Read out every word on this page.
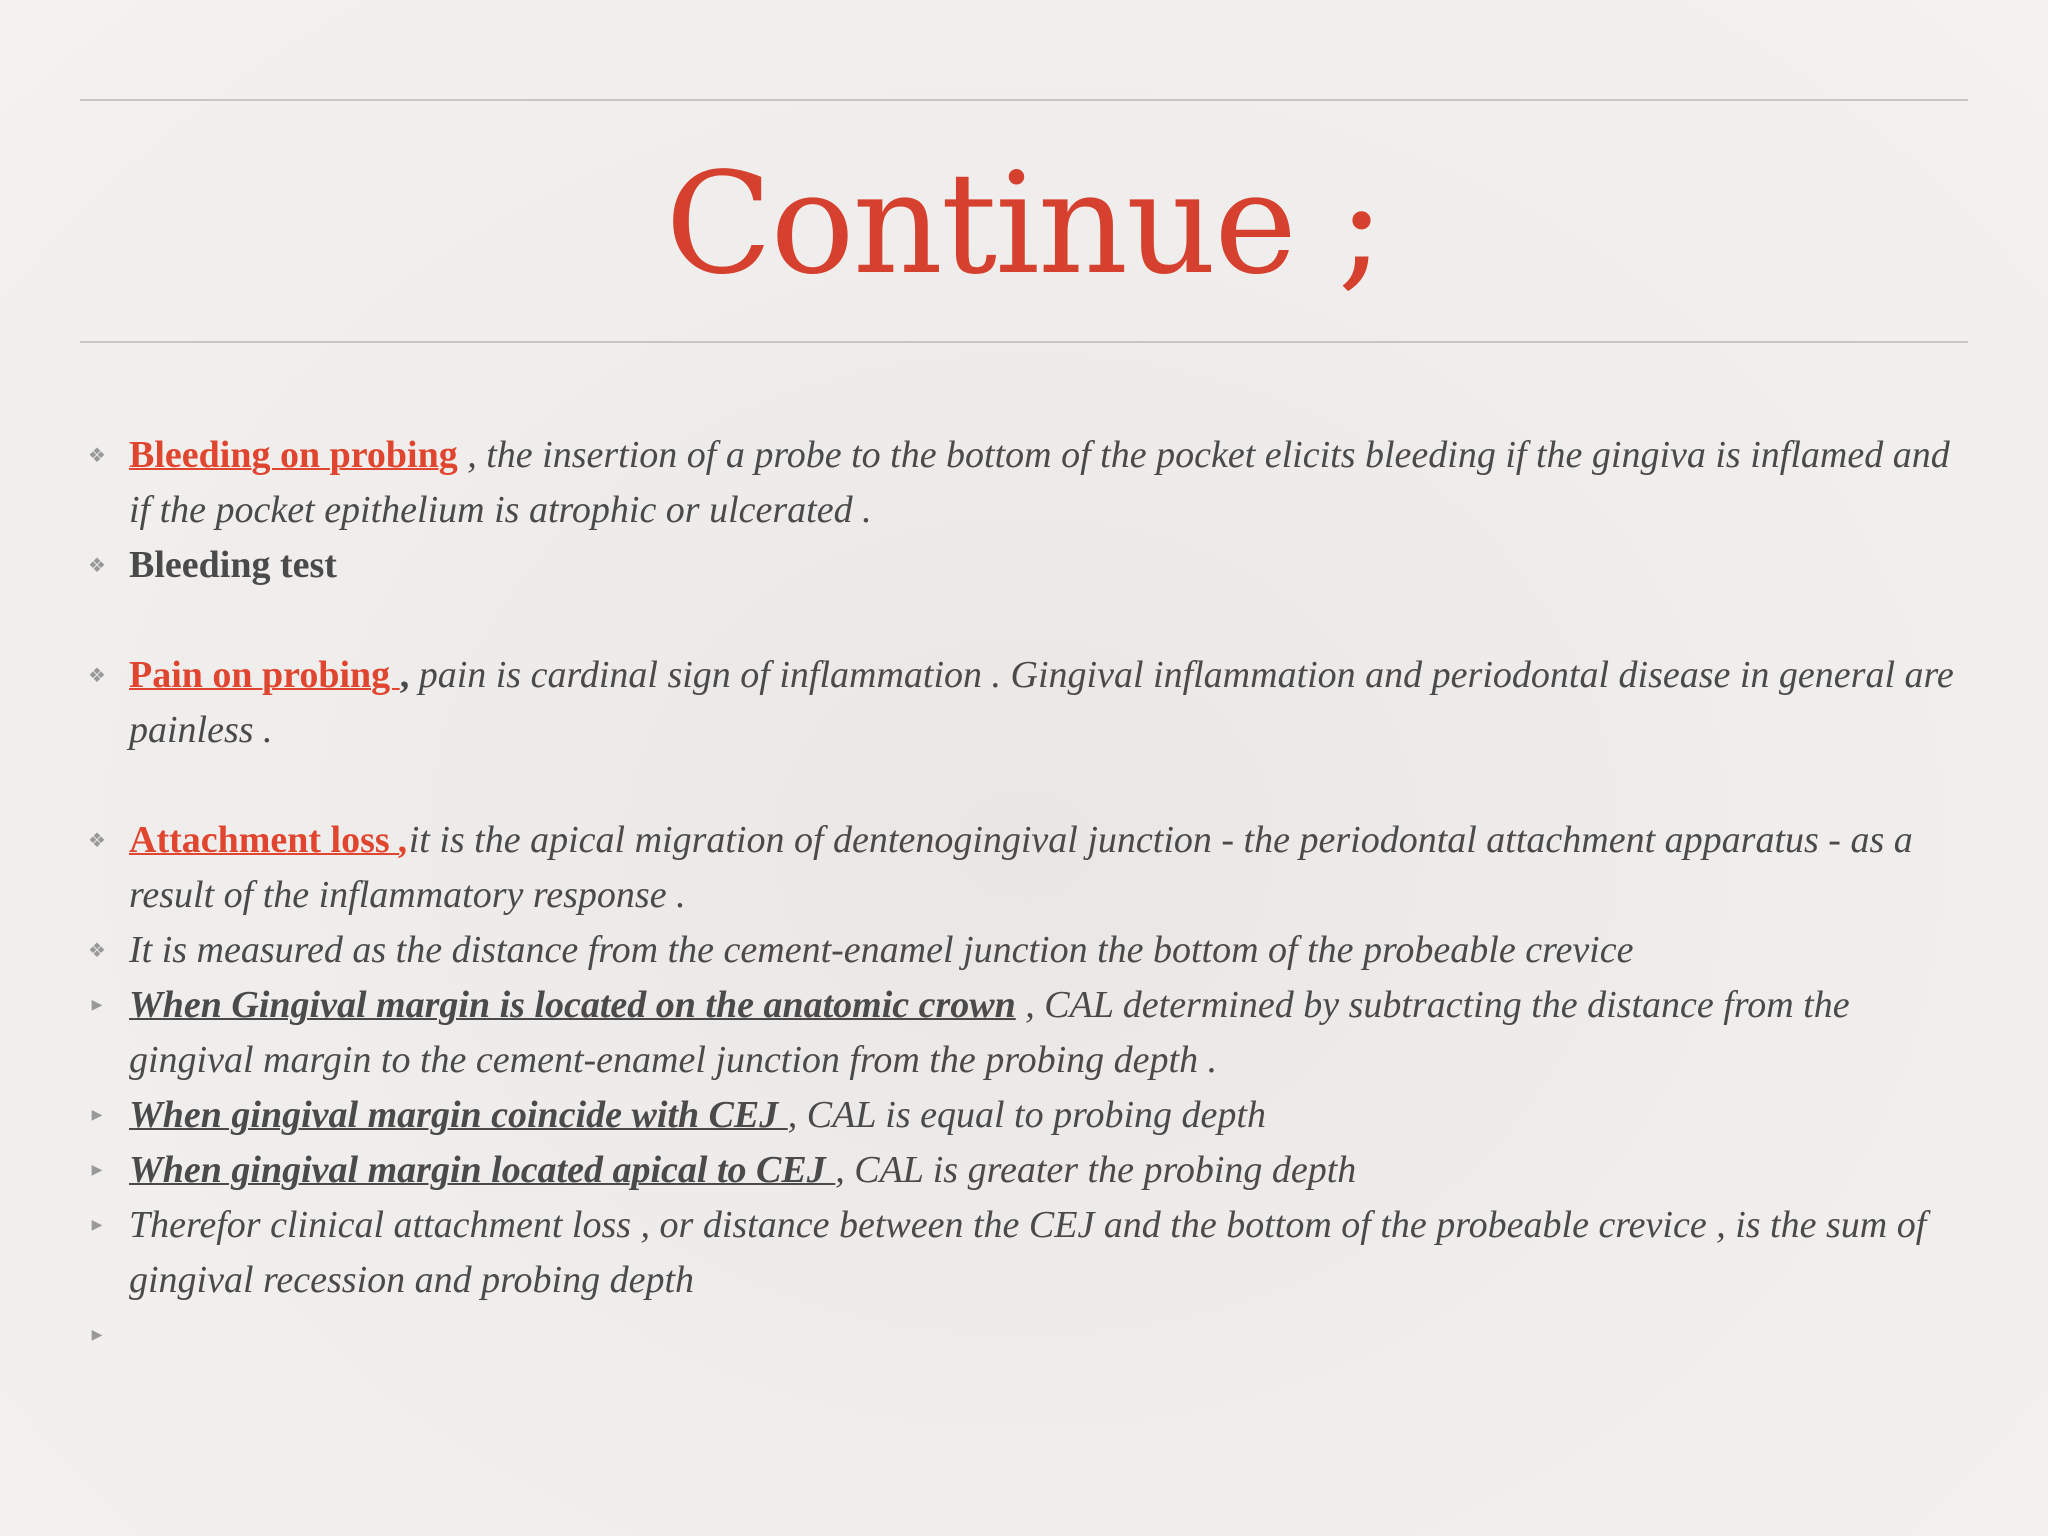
Continue ;
❖ Bleeding on probing , the insertion of a probe to the bottom of the pocket elicits bleeding if the gingiva is inflamed and if the pocket epithelium is atrophic or ulcerated .
❖ Bleeding test
❖ Pain on probing , pain is cardinal sign of inflammation . Gingival inflammation and periodontal disease in general are painless .
❖ Attachment loss ,it is the apical migration of dentenogingival junction - the periodontal attachment apparatus - as a result of the inflammatory response .
❖ It is measured as the distance from the cement-enamel junction the bottom of the probeable crevice
▶ When Gingival margin is located on the anatomic crown , CAL determined by subtracting the distance from the gingival margin to the cement-enamel junction from the probing depth .
▶ When gingival margin coincide with CEJ , CAL is equal to probing depth
▶ When gingival margin located apical to CEJ , CAL is greater the probing depth
▶ Therefor clinical attachment loss , or distance between the CEJ and the bottom of the probeable crevice , is the sum of gingival recession and probing depth
▶
